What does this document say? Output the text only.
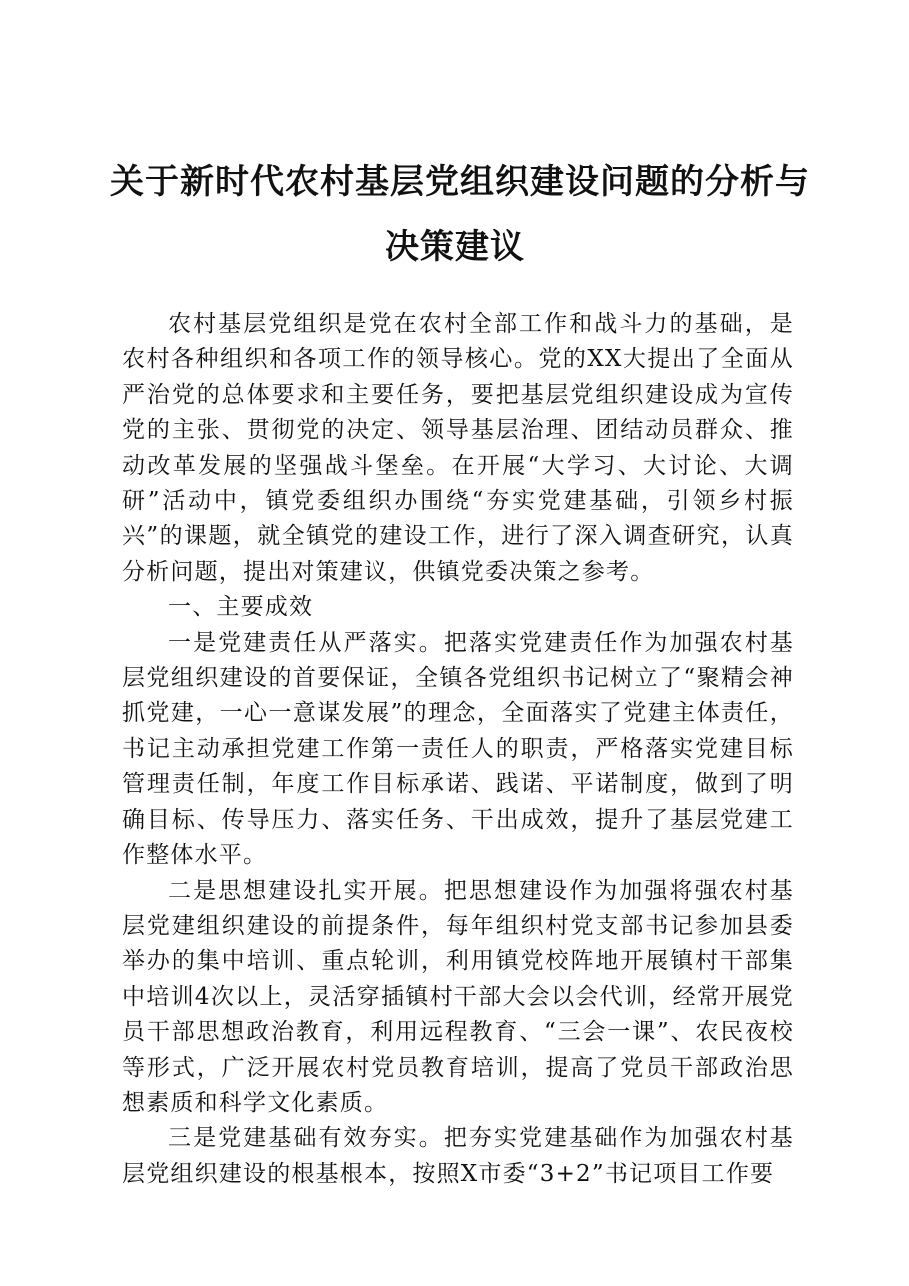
关于新时代农村基层党组织建设问题的分析与
决策建议

农村基层党组织是党在农村全部工作和战斗力的基础，是农村各种组织和各项工作的领导核心。党的XX大提出了全面从严治党的总体要求和主要任务，要把基层党组织建设成为宣传党的主张、贯彻党的决定、领导基层治理、团结动员群众、推动改革发展的坚强战斗堡垒。在开展“大学习、大讨论、大调研”活动中，镇党委组织办围绕“夯实党建基础，引领乡村振兴”的课题，就全镇党的建设工作，进行了深入调查研究，认真分析问题，提出对策建议，供镇党委决策之参考。

一、主要成效

一是党建责任从严落实。把落实党建责任作为加强农村基层党组织建设的首要保证，全镇各党组织书记树立了“聚精会神抓党建，一心一意谋发展”的理念，全面落实了党建主体责任，书记主动承担党建工作第一责任人的职责，严格落实党建目标管理责任制，年度工作目标承诺、践诺、平诺制度，做到了明确目标、传导压力、落实任务、干出成效，提升了基层党建工作整体水平。

二是思想建设扎实开展。把思想建设作为加强将强农村基层党建组织建设的前提条件，每年组织村党支部书记参加县委举办的集中培训、重点轮训，利用镇党校阵地开展镇村干部集中培训4次以上，灵活穿插镇村干部大会以会代训，经常开展党员干部思想政治教育，利用远程教育、“三会一课”、农民夜校等形式，广泛开展农村党员教育培训，提高了党员干部政治思想素质和科学文化素质。

三是党建基础有效夯实。把夯实党建基础作为加强农村基层党组织建设的根基根本，按照X市委“3+2”书记项目工作要
